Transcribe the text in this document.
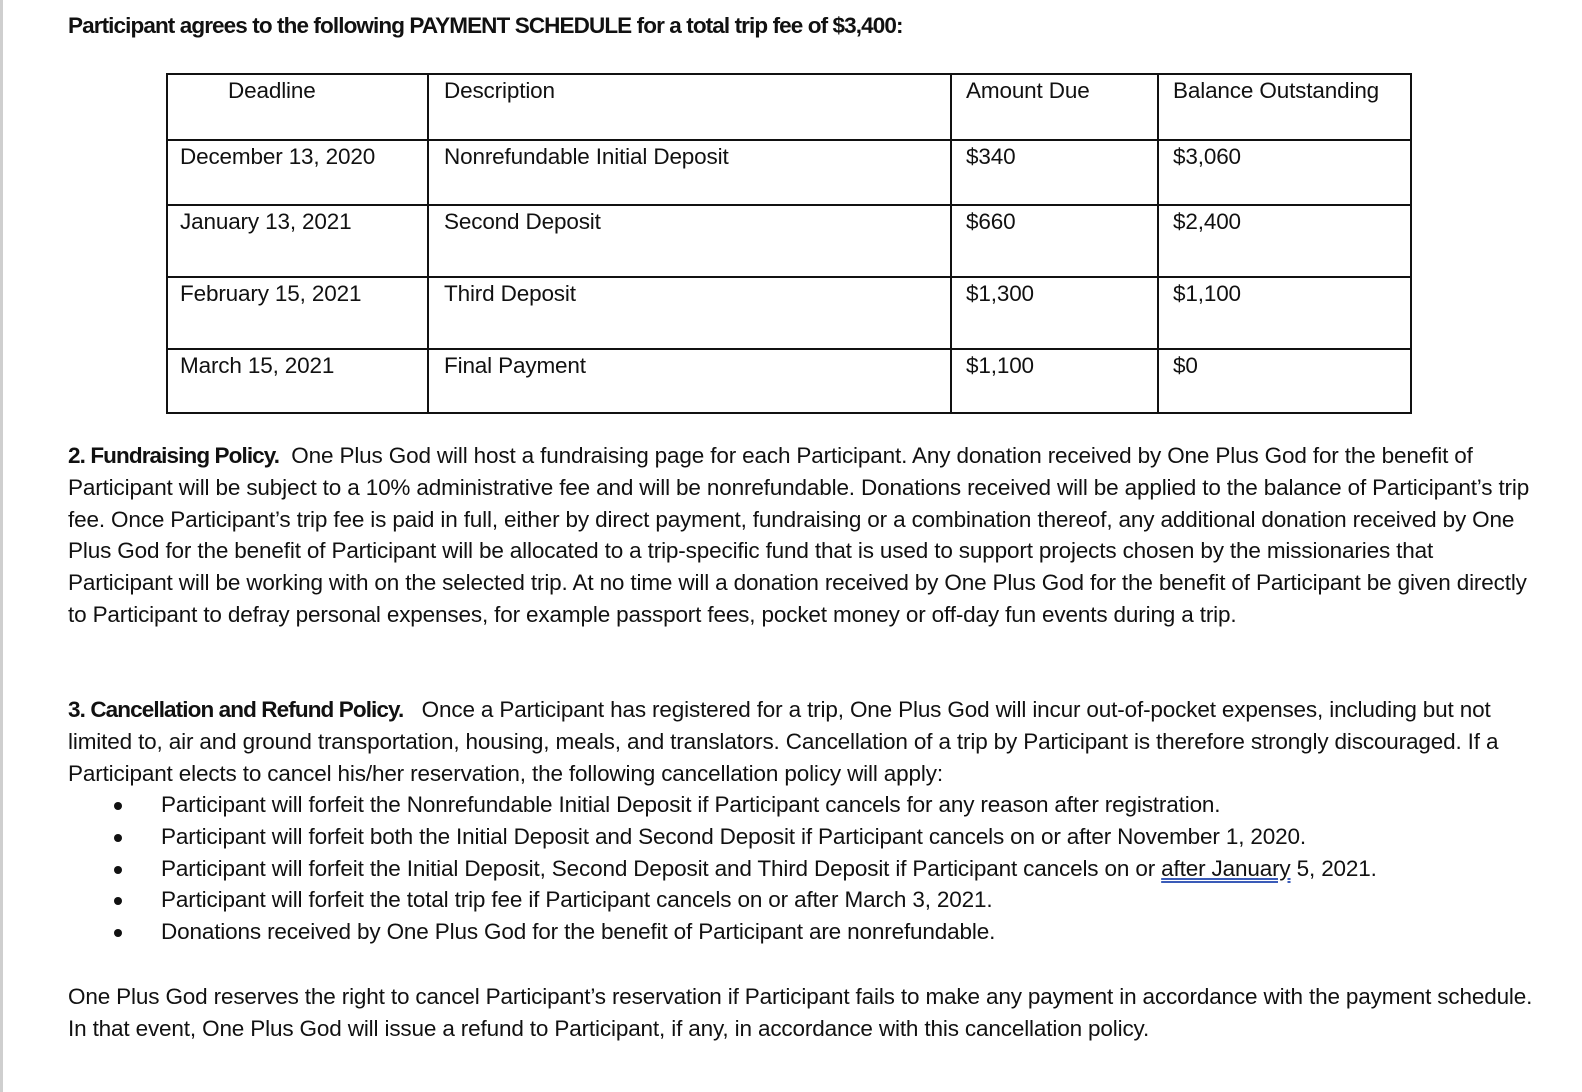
Participant agrees to the following PAYMENT SCHEDULE for a total trip fee of $3,400:
Deadline	Description	Amount Due	Balance Outstanding
December 13, 2020	Nonrefundable Initial Deposit	$340	$3,060
January 13, 2021	Second Deposit	$660	$2,400
February 15, 2021	Third Deposit	$1,300	$1,100
March 15, 2021	Final Payment	$1,100	$0

2. Fundraising Policy. One Plus God will host a fundraising page for each Participant. Any donation received by One Plus God for the benefit of Participant will be subject to a 10% administrative fee and will be nonrefundable. Donations received will be applied to the balance of Participant’s trip fee. Once Participant’s trip fee is paid in full, either by direct payment, fundraising or a combination thereof, any additional donation received by One Plus God for the benefit of Participant will be allocated to a trip-specific fund that is used to support projects chosen by the missionaries that Participant will be working with on the selected trip. At no time will a donation received by One Plus God for the benefit of Participant be given directly to Participant to defray personal expenses, for example passport fees, pocket money or off-day fun events during a trip.

3. Cancellation and Refund Policy. Once a Participant has registered for a trip, One Plus God will incur out-of-pocket expenses, including but not limited to, air and ground transportation, housing, meals, and translators. Cancellation of a trip by Participant is therefore strongly discouraged. If a Participant elects to cancel his/her reservation, the following cancellation policy will apply:

Participant will forfeit the Nonrefundable Initial Deposit if Participant cancels for any reason after registration.
Participant will forfeit both the Initial Deposit and Second Deposit if Participant cancels on or after November 1, 2020.
Participant will forfeit the Initial Deposit, Second Deposit and Third Deposit if Participant cancels on or after January 5, 2021.
Participant will forfeit the total trip fee if Participant cancels on or after March 3, 2021.
Donations received by One Plus God for the benefit of Participant are nonrefundable.

One Plus God reserves the right to cancel Participant’s reservation if Participant fails to make any payment in accordance with the payment schedule. In that event, One Plus God will issue a refund to Participant, if any, in accordance with this cancellation policy.
